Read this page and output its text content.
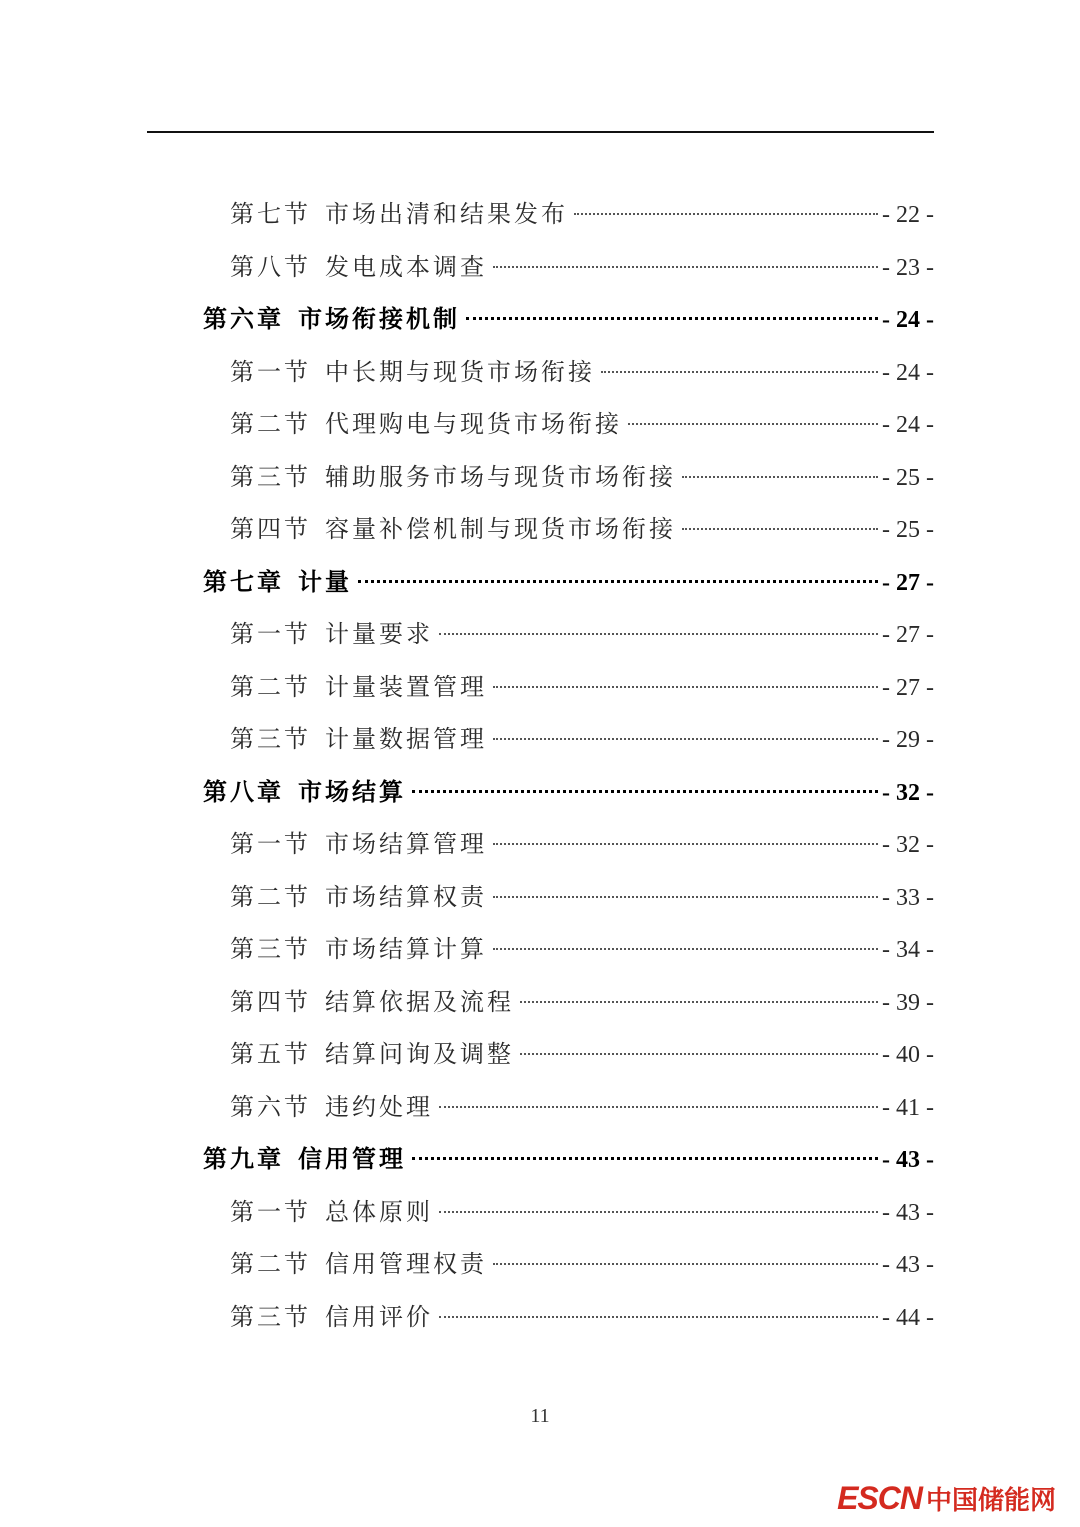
第七节 市场出清和结果发布	- 22 -
第八节 发电成本调查	- 23 -
第六章 市场衔接机制	- 24 -
第一节 中长期与现货市场衔接	- 24 -
第二节 代理购电与现货市场衔接	- 24 -
第三节 辅助服务市场与现货市场衔接	- 25 -
第四节 容量补偿机制与现货市场衔接	- 25 -
第七章 计量	- 27 -
第一节 计量要求	- 27 -
第二节 计量装置管理	- 27 -
第三节 计量数据管理	- 29 -
第八章 市场结算	- 32 -
第一节 市场结算管理	- 32 -
第二节 市场结算权责	- 33 -
第三节 市场结算计算	- 34 -
第四节 结算依据及流程	- 39 -
第五节 结算问询及调整	- 40 -
第六节 违约处理	- 41 -
第九章 信用管理	- 43 -
第一节 总体原则	- 43 -
第二节 信用管理权责	- 43 -
第三节 信用评价	- 44 -
11
ESCN 中国储能网
